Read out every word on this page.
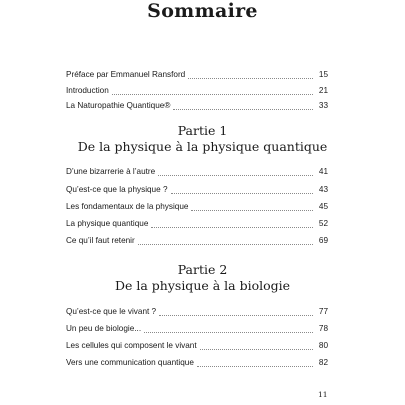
Sommaire
Préface par Emmanuel Ransford	15
Introduction	21
La Naturopathie Quantique®	33
Partie 1
De la physique à la physique quantique
D’une bizarrerie à l’autre	41
Qu’est-ce que la physique ?	43
Les fondamentaux de la physique	45
La physique quantique	52
Ce qu’il faut retenir	69
Partie 2
De la physique à la biologie
Qu’est-ce que le vivant ?	77
Un peu de biologie...	78
Les cellules qui composent le vivant	80
Vers une communication quantique	82
11
